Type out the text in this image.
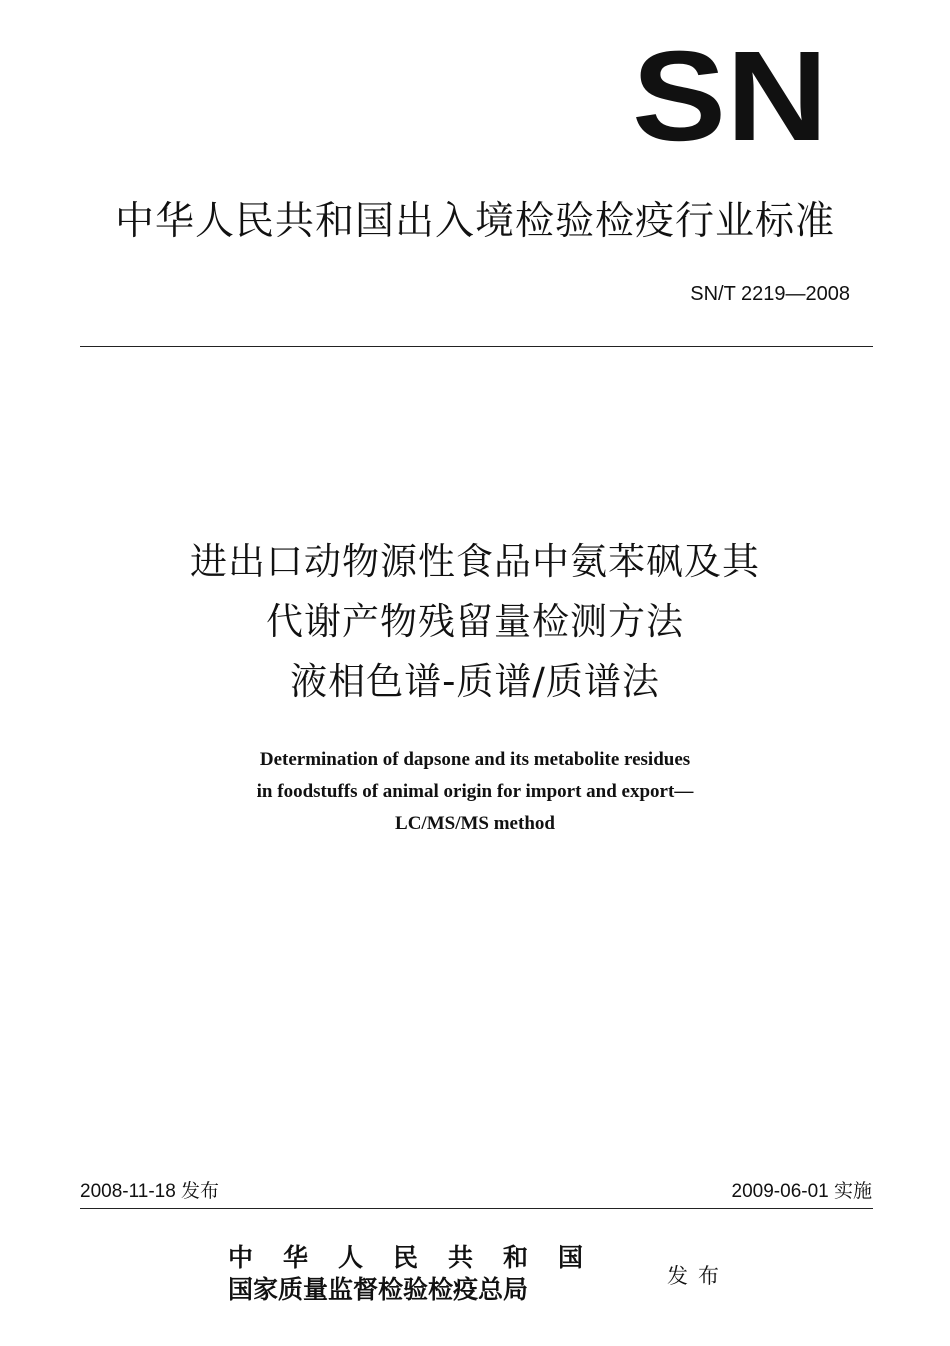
SN
中华人民共和国出入境检验检疫行业标准
SN/T 2219—2008
进出口动物源性食品中氨苯砜及其
代谢产物残留量检测方法
液相色谱-质谱/质谱法
Determination of dapsone and its metabolite residues
in foodstuffs of animal origin for import and export—
LC/MS/MS method
2008-11-18 发布	2009-06-01 实施
中华人民共和国
国家质量监督检验检疫总局	发布
